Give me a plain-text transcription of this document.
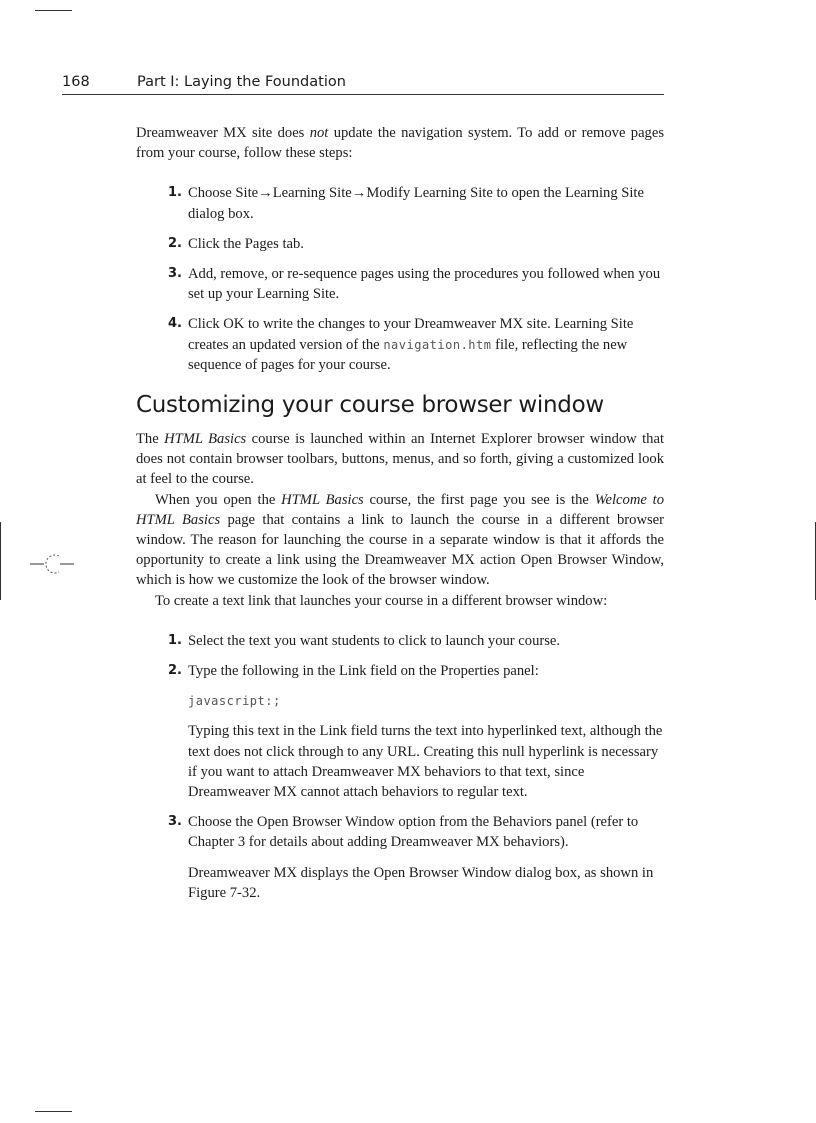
168	Part I: Laying the Foundation

Dreamweaver MX site does not update the navigation system. To add or remove pages from your course, follow these steps:

1. Choose Site→Learning Site→Modify Learning Site to open the Learning Site dialog box.
2. Click the Pages tab.
3. Add, remove, or re-sequence pages using the procedures you followed when you set up your Learning Site.
4. Click OK to write the changes to your Dreamweaver MX site. Learning Site creates an updated version of the navigation.htm file, reflecting the new sequence of pages for your course.
Customizing your course browser window

The HTML Basics course is launched within an Internet Explorer browser window that does not contain browser toolbars, buttons, menus, and so forth, giving a customized look at feel to the course.

When you open the HTML Basics course, the first page you see is the Welcome to HTML Basics page that contains a link to launch the course in a different browser window. The reason for launching the course in a separate window is that it affords the opportunity to create a link using the Dreamweaver MX action Open Browser Window, which is how we customize the look of the browser window.

To create a text link that launches your course in a different browser window:

1. Select the text you want students to click to launch your course.
2. Type the following in the Link field on the Properties panel:

javascript:;

Typing this text in the Link field turns the text into hyperlinked text, although the text does not click through to any URL. Creating this null hyperlink is necessary if you want to attach Dreamweaver MX behaviors to that text, since Dreamweaver MX cannot attach behaviors to regular text.

3. Choose the Open Browser Window option from the Behaviors panel (refer to Chapter 3 for details about adding Dreamweaver MX behaviors).

Dreamweaver MX displays the Open Browser Window dialog box, as shown in Figure 7-32.
